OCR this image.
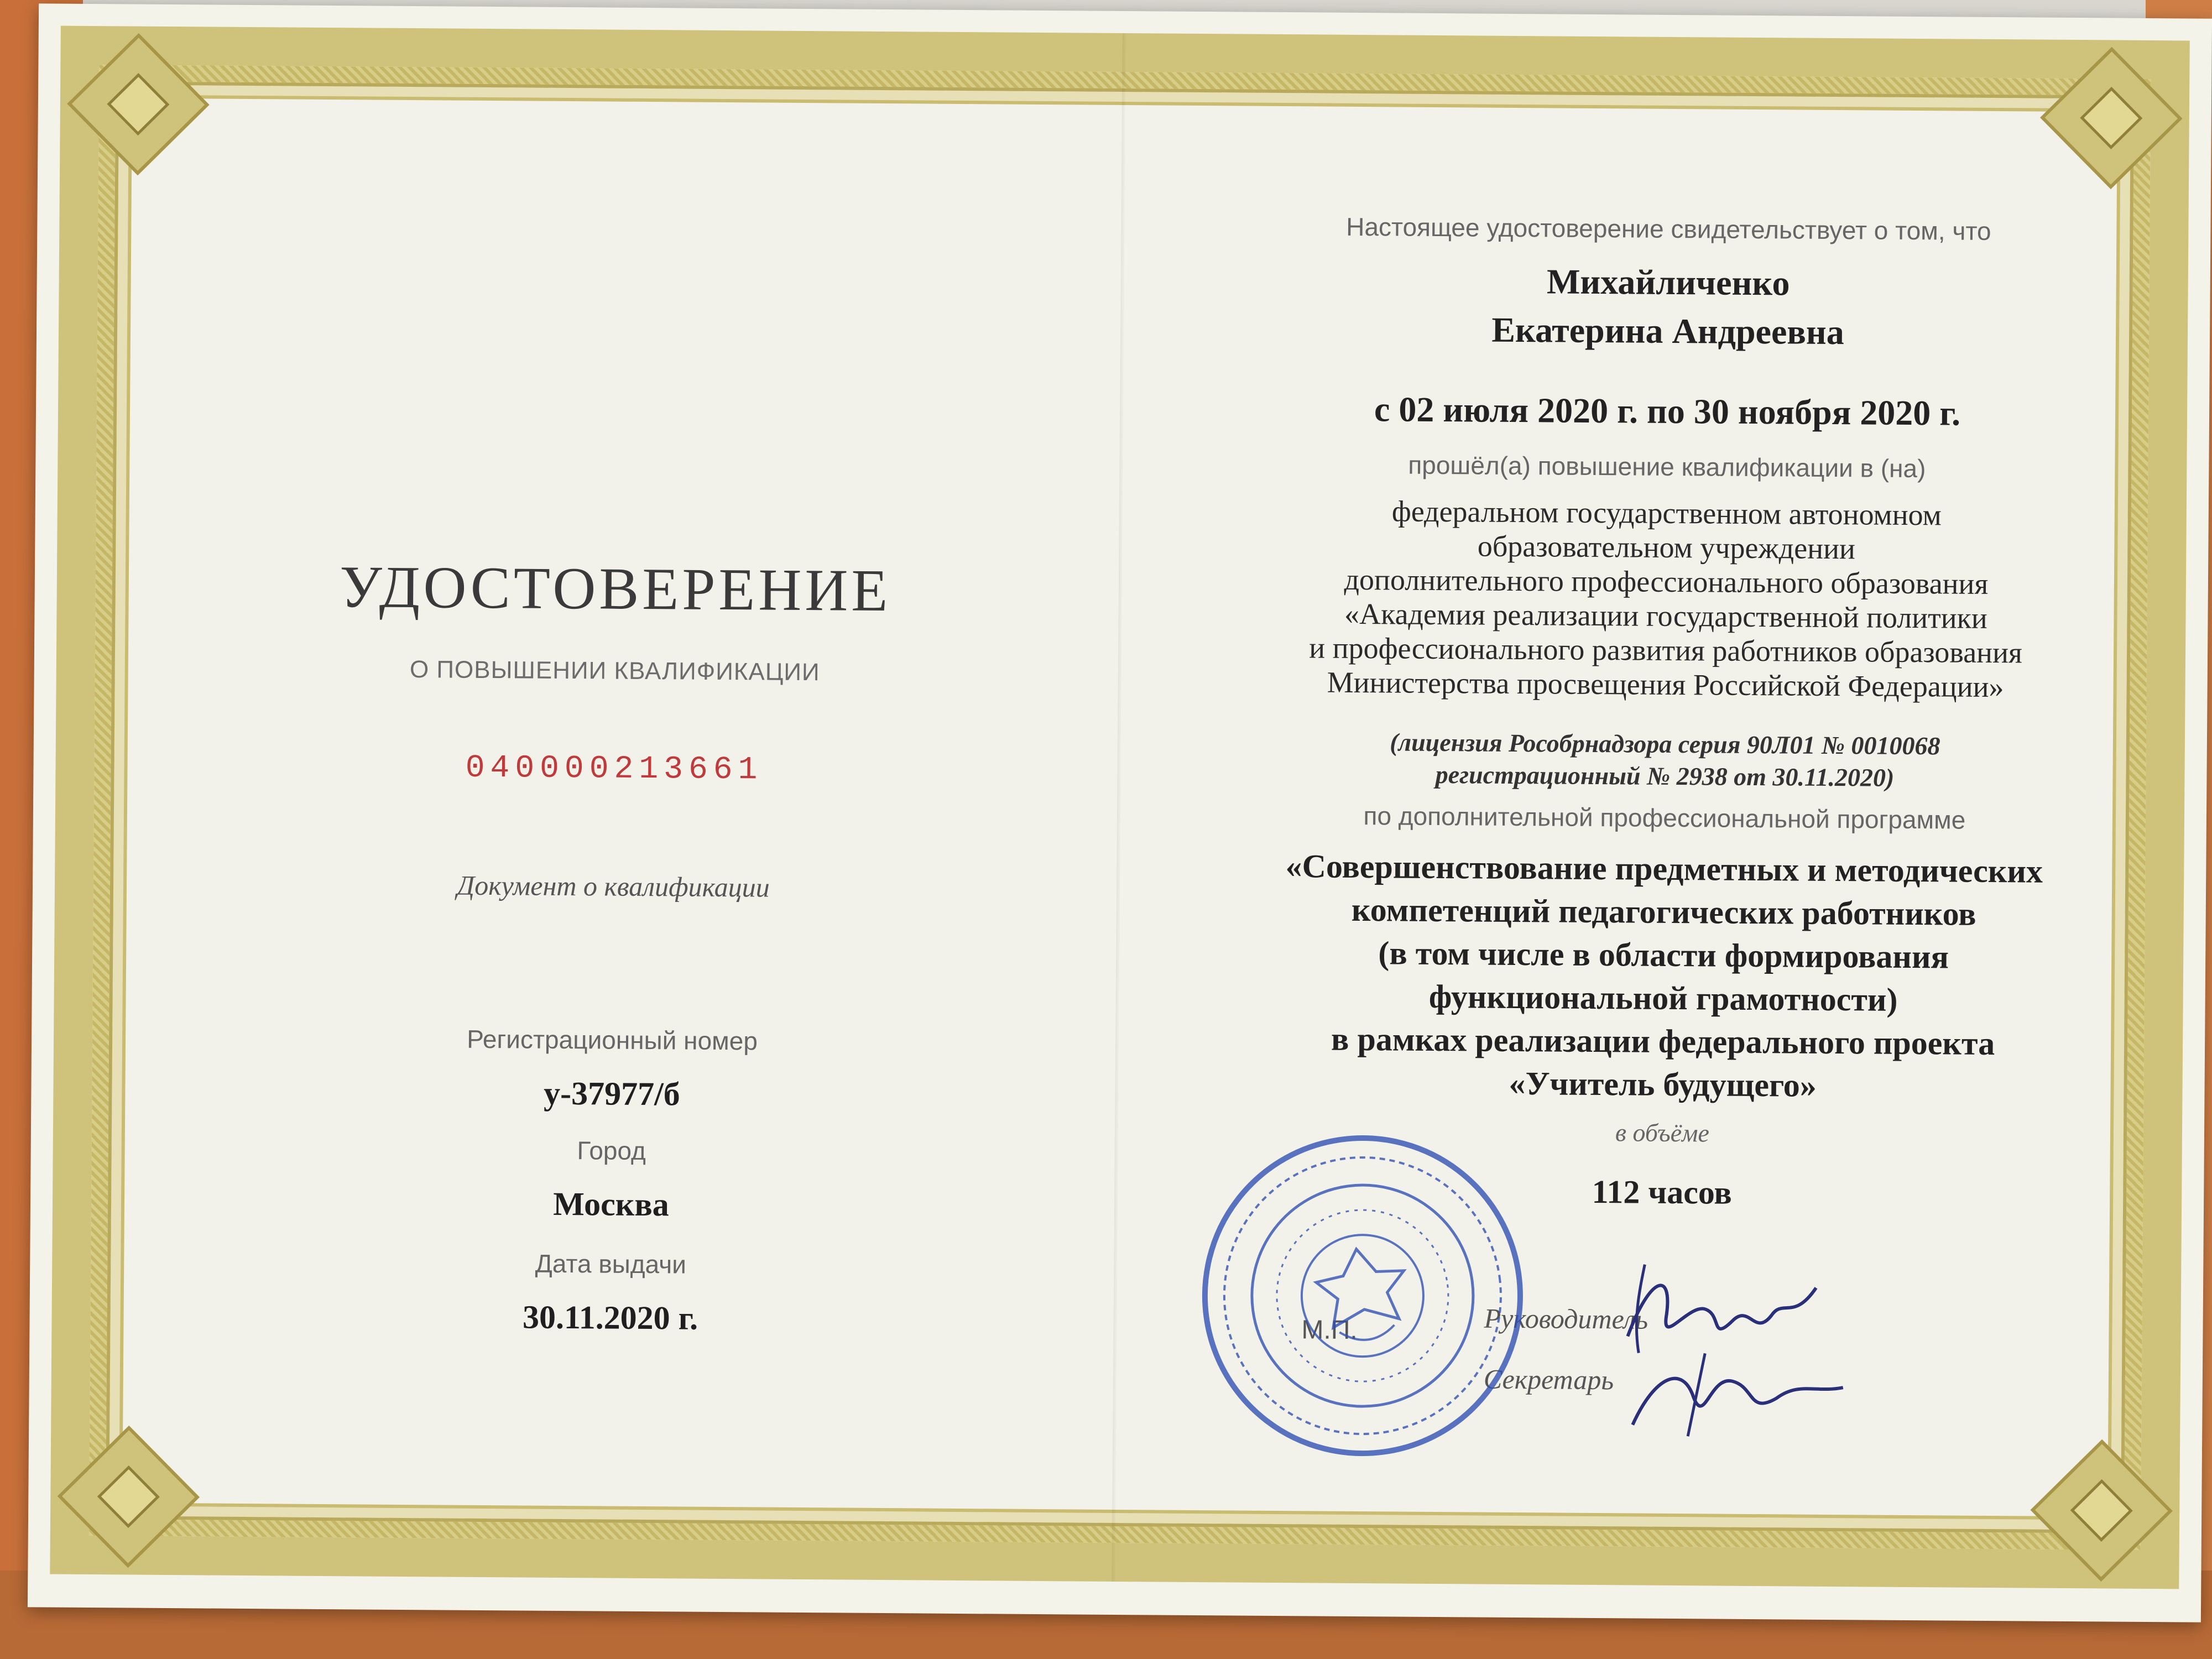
УДОСТОВЕРЕНИЕ
О ПОВЫШЕНИИ КВАЛИФИКАЦИИ
040000213661
Документ о квалификации
Регистрационный номер
у-37977/б
Город
Москва
Дата выдачи
30.11.2020 г.
Настоящее удостоверение свидетельствует о том, что
Михайличенко
Екатерина Андреевна
с 02 июля 2020 г. по 30 ноября 2020 г.
прошёл(а) повышение квалификации в (на)
федеральном государственном автономном
образовательном учреждении
дополнительного профессионального образования
«Академия реализации государственной политики
и профессионального развития работников образования
Министерства просвещения Российской Федерации»
(лицензия Рособрнадзора серия 90Л01 № 0010068
регистрационный № 2938 от 30.11.2020)
по дополнительной профессиональной программе
«Совершенствование предметных и методических
компетенций педагогических работников
(в том числе в области формирования
функциональной грамотности)
в рамках реализации федерального проекта
«Учитель будущего»
в объёме
112 часов
М.П.	Руководитель
Секретарь
